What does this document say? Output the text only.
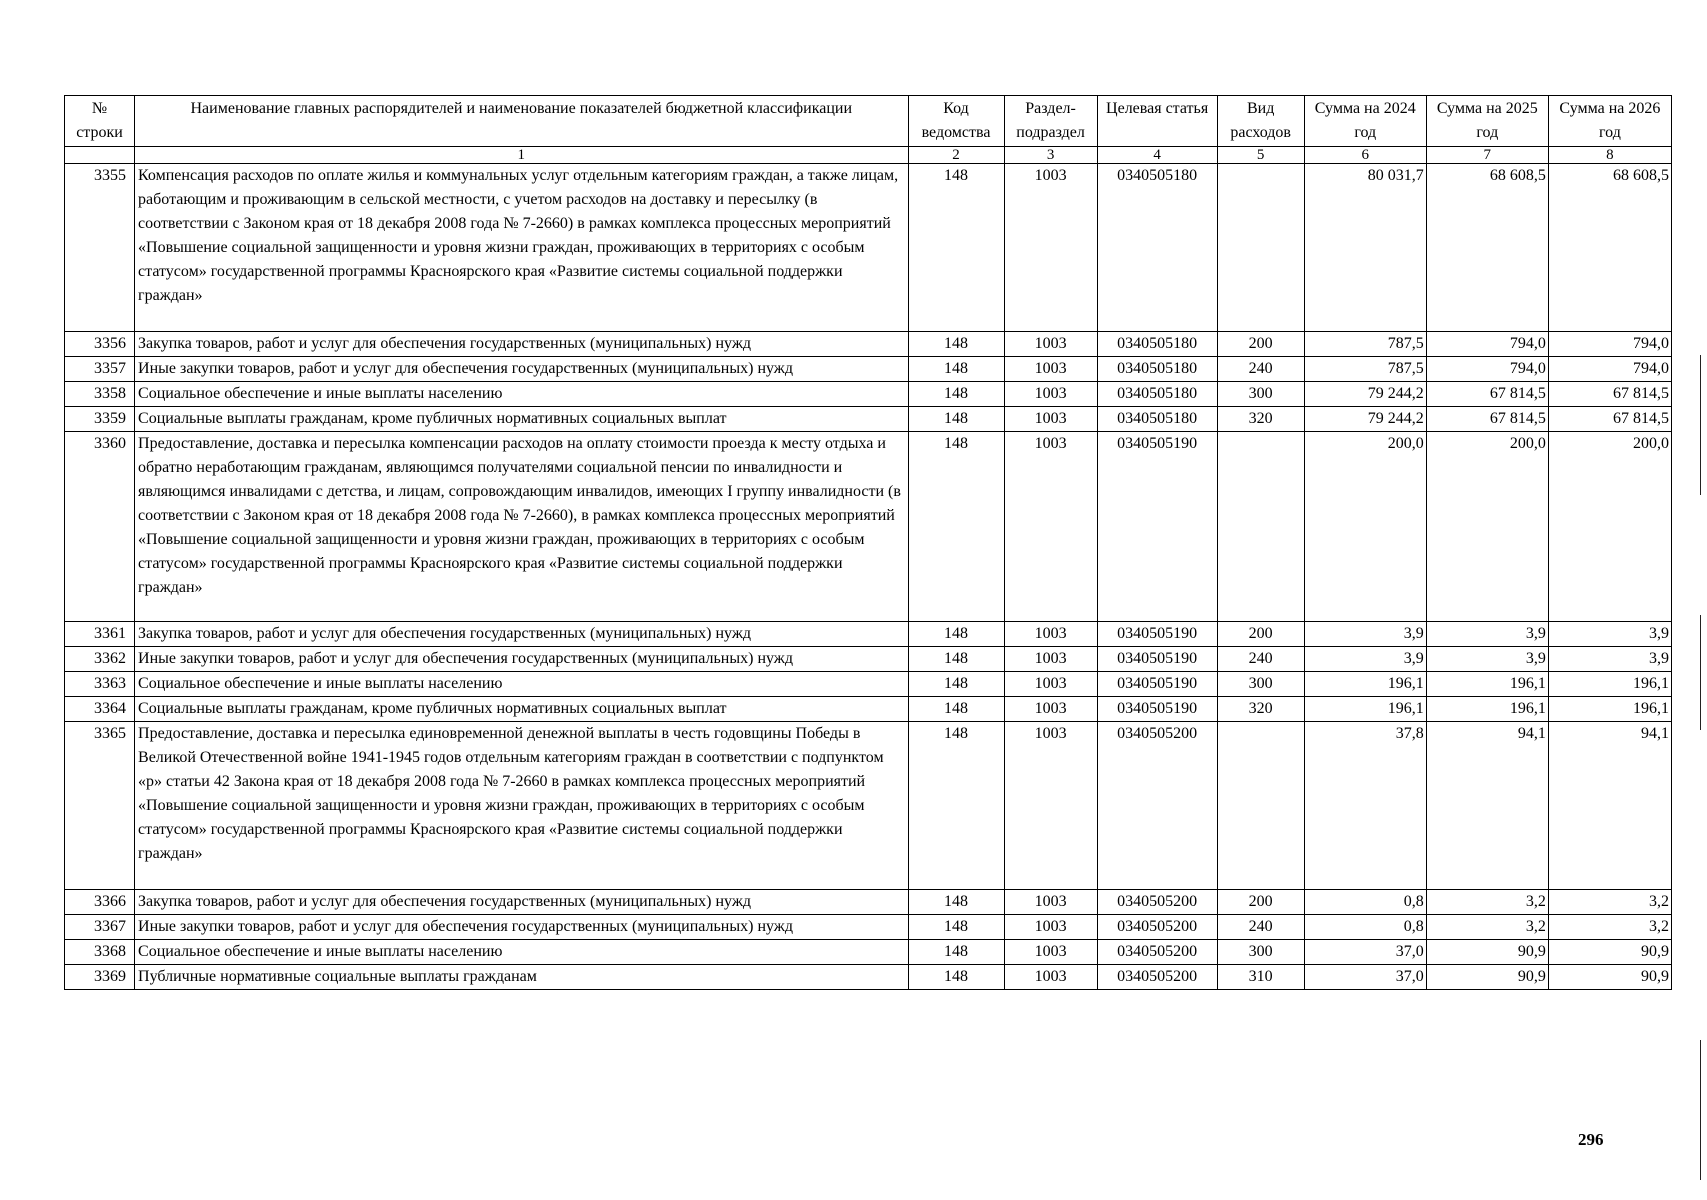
№ строки	Наименование главных распорядителей и наименование показателей бюджетной классификации	Код ведомства	Раздел-подраздел	Целевая статья	Вид расходов	Сумма на 2024 год	Сумма на 2025 год	Сумма на 2026 год
	1	2	3	4	5	6	7	8
3355	Компенсация расходов по оплате жилья и коммунальных услуг отдельным категориям граждан, а также лицам, работающим и проживающим в сельской местности, с учетом расходов на доставку и пересылку (в соответствии с Законом края от 18 декабря 2008 года № 7-2660) в рамках комплекса процессных мероприятий «Повышение социальной защищенности и уровня жизни граждан, проживающих в территориях с особым статусом» государственной программы Красноярского края «Развитие системы социальной поддержки граждан»	148	1003	0340505180		80 031,7	68 608,5	68 608,5
3356	Закупка товаров, работ и услуг для обеспечения государственных (муниципальных) нужд	148	1003	0340505180	200	787,5	794,0	794,0
3357	Иные закупки товаров, работ и услуг для обеспечения государственных (муниципальных) нужд	148	1003	0340505180	240	787,5	794,0	794,0
3358	Социальное обеспечение и иные выплаты населению	148	1003	0340505180	300	79 244,2	67 814,5	67 814,5
3359	Социальные выплаты гражданам, кроме публичных нормативных социальных выплат	148	1003	0340505180	320	79 244,2	67 814,5	67 814,5
3360	Предоставление, доставка и пересылка компенсации расходов на оплату стоимости проезда к месту отдыха и обратно неработающим гражданам, являющимся получателями социальной пенсии по инвалидности и являющимся инвалидами с детства, и лицам, сопровождающим инвалидов, имеющих I группу инвалидности (в соответствии с Законом края от 18 декабря 2008 года № 7-2660), в рамках комплекса процессных мероприятий «Повышение социальной защищенности и уровня жизни граждан, проживающих в территориях с особым статусом» государственной программы Красноярского края «Развитие системы социальной поддержки граждан»	148	1003	0340505190		200,0	200,0	200,0
3361	Закупка товаров, работ и услуг для обеспечения государственных (муниципальных) нужд	148	1003	0340505190	200	3,9	3,9	3,9
3362	Иные закупки товаров, работ и услуг для обеспечения государственных (муниципальных) нужд	148	1003	0340505190	240	3,9	3,9	3,9
3363	Социальное обеспечение и иные выплаты населению	148	1003	0340505190	300	196,1	196,1	196,1
3364	Социальные выплаты гражданам, кроме публичных нормативных социальных выплат	148	1003	0340505190	320	196,1	196,1	196,1
3365	Предоставление, доставка и пересылка единовременной денежной выплаты в честь годовщины Победы в Великой Отечественной войне 1941-1945 годов отдельным категориям граждан в соответствии с подпунктом «р» статьи 42 Закона края от 18 декабря 2008 года № 7-2660 в рамках комплекса процессных мероприятий «Повышение социальной защищенности и уровня жизни граждан, проживающих в территориях с особым статусом» государственной программы Красноярского края «Развитие системы социальной поддержки граждан»	148	1003	0340505200		37,8	94,1	94,1
3366	Закупка товаров, работ и услуг для обеспечения государственных (муниципальных) нужд	148	1003	0340505200	200	0,8	3,2	3,2
3367	Иные закупки товаров, работ и услуг для обеспечения государственных (муниципальных) нужд	148	1003	0340505200	240	0,8	3,2	3,2
3368	Социальное обеспечение и иные выплаты населению	148	1003	0340505200	300	37,0	90,9	90,9
3369	Публичные нормативные социальные выплаты гражданам	148	1003	0340505200	310	37,0	90,9	90,9
296
